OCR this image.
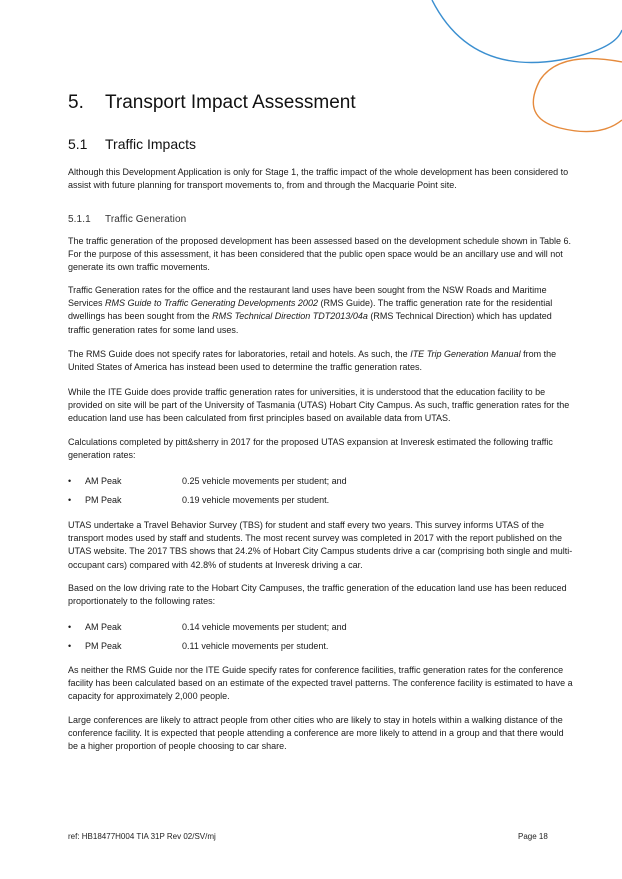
5. Transport Impact Assessment
5.1 Traffic Impacts

Although this Development Application is only for Stage 1, the traffic impact of the whole development has been considered to assist with future planning for transport movements to, from and through the Macquarie Point site.

5.1.1 Traffic Generation

The traffic generation of the proposed development has been assessed based on the development schedule shown in Table 6. For the purpose of this assessment, it has been considered that the public open space would be an ancillary use and will not generate its own traffic movements.

Traffic Generation rates for the office and the restaurant land uses have been sought from the NSW Roads and Maritime Services RMS Guide to Traffic Generating Developments 2002 (RMS Guide). The traffic generation rate for the residential dwellings has been sought from the RMS Technical Direction TDT2013/04a (RMS Technical Direction) which has updated traffic generation rates for some land uses.

The RMS Guide does not specify rates for laboratories, retail and hotels. As such, the ITE Trip Generation Manual from the United States of America has instead been used to determine the traffic generation rates.

While the ITE Guide does provide traffic generation rates for universities, it is understood that the education facility to be provided on site will be part of the University of Tasmania (UTAS) Hobart City Campus. As such, traffic generation rates for the education land use has been calculated from first principles based on available data from UTAS.

Calculations completed by pitt&sherry in 2017 for the proposed UTAS expansion at Inveresk estimated the following traffic generation rates:

• AM Peak	0.25 vehicle movements per student; and
• PM Peak	0.19 vehicle movements per student.

UTAS undertake a Travel Behavior Survey (TBS) for student and staff every two years. This survey informs UTAS of the transport modes used by staff and students. The most recent survey was completed in 2017 with the report published on the UTAS website. The 2017 TBS shows that 24.2% of Hobart City Campus students drive a car (comprising both single and multi-occupant cars) compared with 42.8% of students at Inveresk driving a car.

Based on the low driving rate to the Hobart City Campuses, the traffic generation of the education land use has been reduced proportionately to the following rates:

• AM Peak	0.14 vehicle movements per student; and
• PM Peak	0.11 vehicle movements per student.

As neither the RMS Guide nor the ITE Guide specify rates for conference facilities, traffic generation rates for the conference facility has been calculated based on an estimate of the expected travel patterns. The conference facility is estimated to have a capacity for approximately 2,000 people.

Large conferences are likely to attract people from other cities who are likely to stay in hotels within a walking distance of the conference facility. It is expected that people attending a conference are more likely to attend in a group and that there would be a higher proportion of people choosing to car share.

ref: HB18477H004 TIA 31P Rev 02/SV/mj	Page 18
